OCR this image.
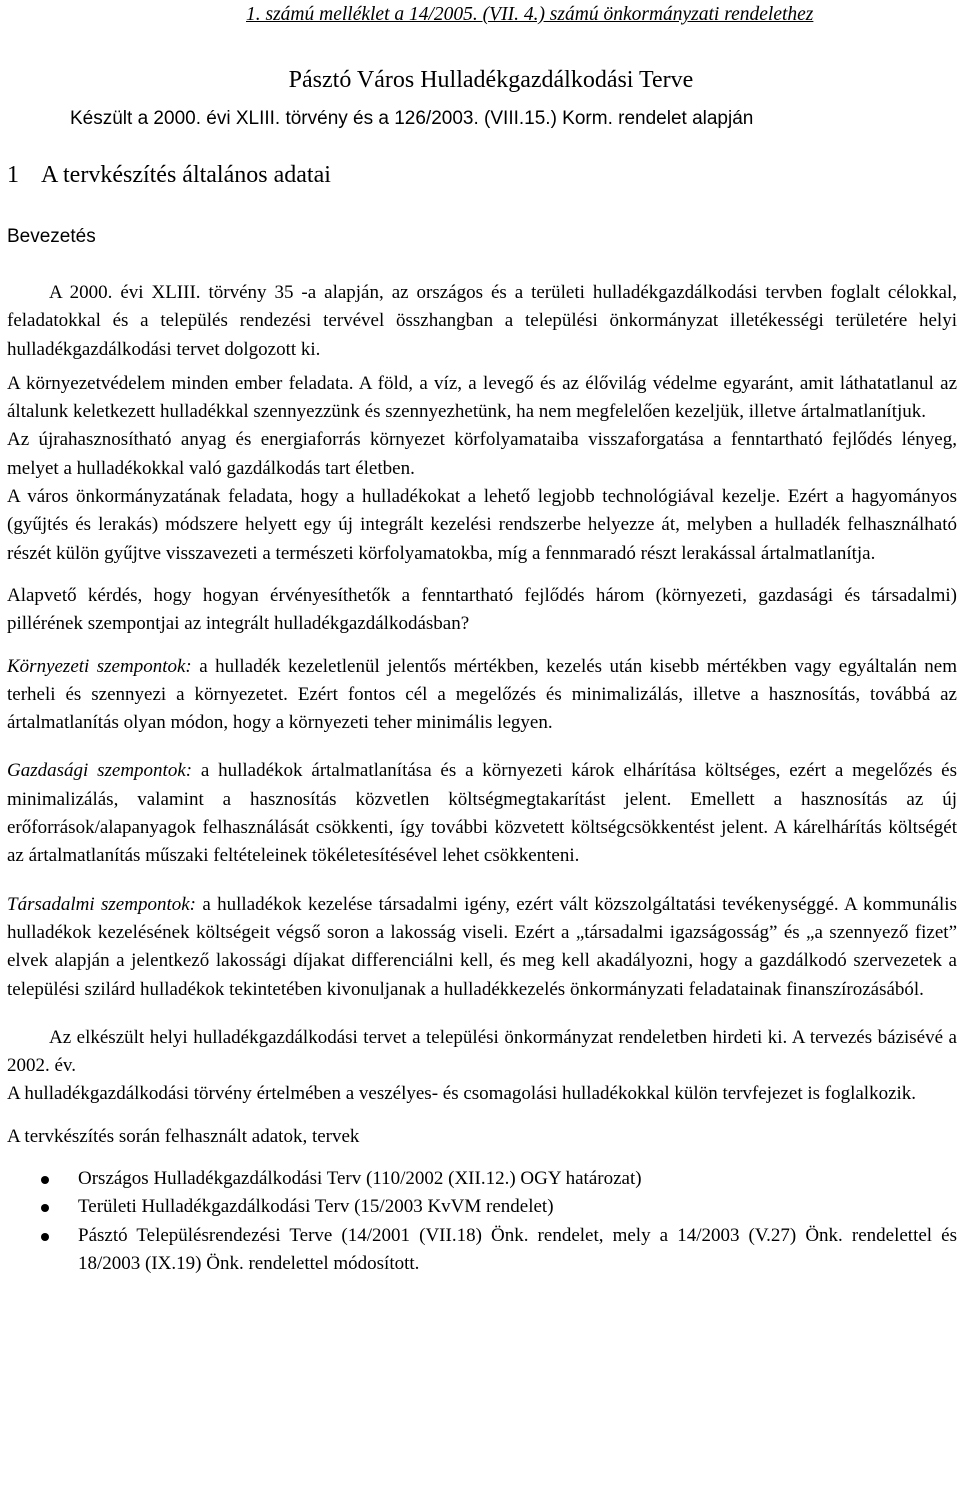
1. számú melléklet a 14/2005. (VII. 4.) számú önkormányzati rendelethez

Pásztó Város Hulladékgazdálkodási Terve

Készült a 2000. évi XLIII. törvény és a 126/2003. (VIII.15.) Korm. rendelet alapján

1 A tervkészítés általános adatai
Bevezetés

A 2000. évi XLIII. törvény 35 -a alapján, az országos és a területi hulladékgazdálkodási tervben foglalt célokkal, feladatokkal és a település rendezési tervével összhangban a települési önkormányzat illetékességi területére helyi hulladékgazdálkodási tervet dolgozott ki.

A környezetvédelem minden ember feladata. A föld, a víz, a levegő és az élővilág védelme egyaránt, amit láthatatlanul az általunk keletkezett hulladékkal szennyezzünk és szennyezhetünk, ha nem megfelelően kezeljük, illetve ártalmatlanítjuk.

Az újrahasznosítható anyag és energiaforrás környezet körfolyamataiba visszaforgatása a fenntartható fejlődés lényeg, melyet a hulladékokkal való gazdálkodás tart életben.

A város önkormányzatának feladata, hogy a hulladékokat a lehető legjobb technológiával kezelje. Ezért a hagyományos (gyűjtés és lerakás) módszere helyett egy új integrált kezelési rendszerbe helyezze át, melyben a hulladék felhasználható részét külön gyűjtve visszavezeti a természeti körfolyamatokba, míg a fennmaradó részt lerakással ártalmatlanítja.

Alapvető kérdés, hogy hogyan érvényesíthetők a fenntartható fejlődés három (környezeti, gazdasági és társadalmi) pillérének szempontjai az integrált hulladékgazdálkodásban?

Környezeti szempontok: a hulladék kezeletlenül jelentős mértékben, kezelés után kisebb mértékben vagy egyáltalán nem terheli és szennyezi a környezetet. Ezért fontos cél a megelőzés és minimalizálás, illetve a hasznosítás, továbbá az ártalmatlanítás olyan módon, hogy a környezeti teher minimális legyen.

Gazdasági szempontok: a hulladékok ártalmatlanítása és a környezeti károk elhárítása költséges, ezért a megelőzés és minimalizálás, valamint a hasznosítás közvetlen költségmegtakarítást jelent. Emellett a hasznosítás az új erőforrások/alapanyagok felhasználását csökkenti, így további közvetett költségcsökkentést jelent. A kárelhárítás költségét az ártalmatlanítás műszaki feltételeinek tökéletesítésével lehet csökkenteni.

Társadalmi szempontok: a hulladékok kezelése társadalmi igény, ezért vált közszolgáltatási tevékenységgé. A kommunális hulladékok kezelésének költségeit végső soron a lakosság viseli. Ezért a „társadalmi igazságosság” és „a szennyező fizet” elvek alapján a jelentkező lakossági díjakat differenciálni kell, és meg kell akadályozni, hogy a gazdálkodó szervezetek a települési szilárd hulladékok tekintetében kivonuljanak a hulladékkezelés önkormányzati feladatainak finanszírozásából.

Az elkészült helyi hulladékgazdálkodási tervet a települési önkormányzat rendeletben hirdeti ki. A tervezés bázisévé a 2002. év.

A hulladékgazdálkodási törvény értelmében a veszélyes- és csomagolási hulladékokkal külön tervfejezet is foglalkozik.

A tervkészítés során felhasznált adatok, tervek

Országos Hulladékgazdálkodási Terv (110/2002 (XII.12.) OGY határozat)
Területi Hulladékgazdálkodási Terv (15/2003 KvVM rendelet)
Pásztó Településrendezési Terve (14/2001 (VII.18) Önk. rendelet, mely a 14/2003 (V.27) Önk. rendelettel és 18/2003 (IX.19) Önk. rendelettel módosított.
